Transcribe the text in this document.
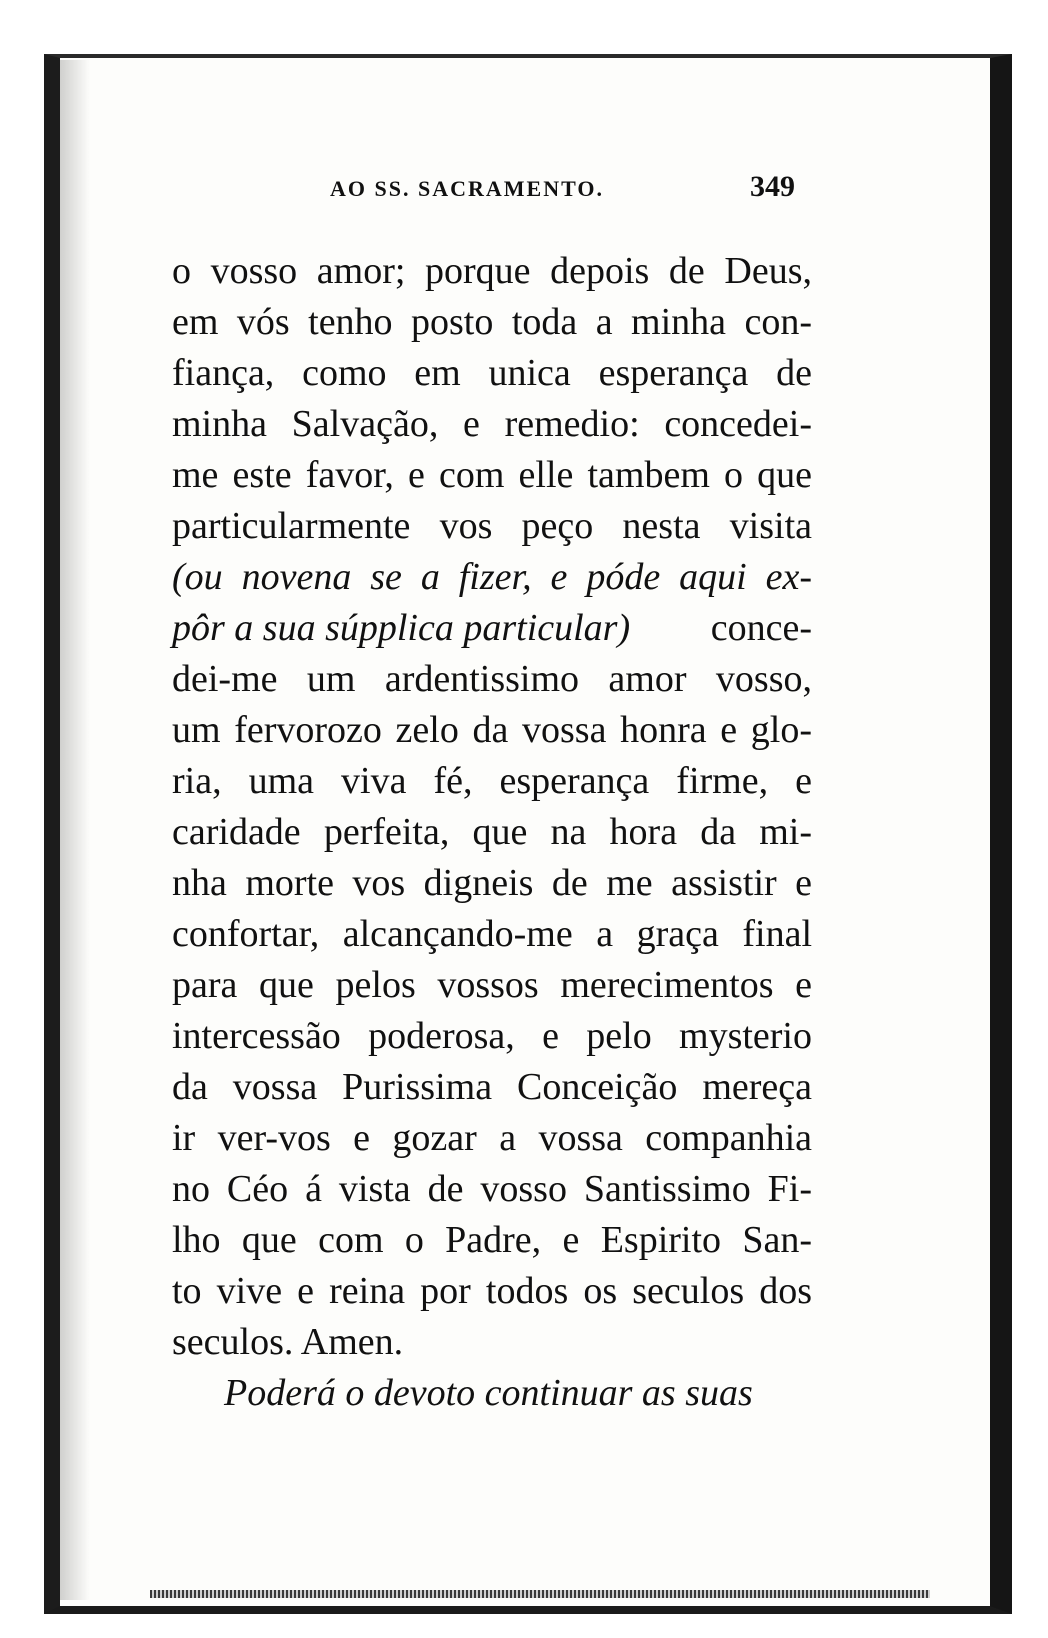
AO SS. SACRAMENTO.	349
o vosso amor; porque depois de Deus,
em vós tenho posto toda a minha con-
fiança, como em unica esperança de
minha Salvação, e remedio: concedei-
me este favor, e com elle tambem o que
particularmente vos peço nesta visita
(ou novena se a fizer, e póde aqui ex-
pôr a sua súpplica particular) conce-
dei-me um ardentissimo amor vosso,
um fervorozo zelo da vossa honra e glo-
ria, uma viva fé, esperança firme, e
caridade perfeita, que na hora da mi-
nha morte vos digneis de me assistir e
confortar, alcançando-me a graça final
para que pelos vossos merecimentos e
intercessão poderosa, e pelo mysterio
da vossa Purissima Conceição mereça
ir ver-vos e gozar a vossa companhia
no Céo á vista de vosso Santissimo Fi-
lho que com o Padre, e Espirito San-
to vive e reina por todos os seculos dos
seculos. Amen.
Poderá o devoto continuar as suas
